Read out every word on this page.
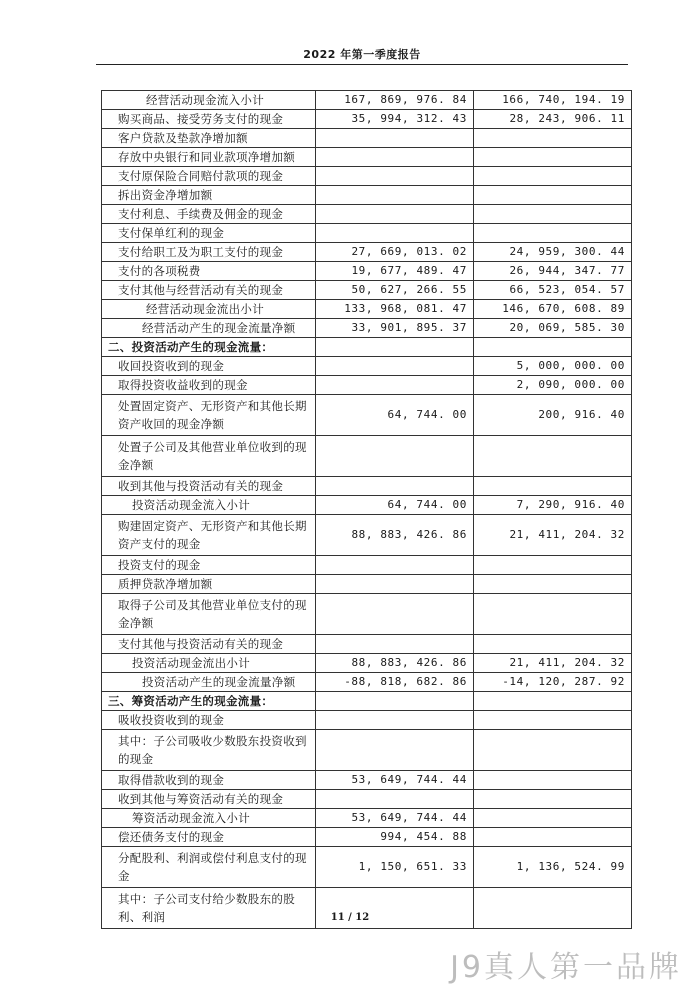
2022 年第一季度报告
经营活动现金流入小计	167, 869, 976. 84	166, 740, 194. 19
购买商品、接受劳务支付的现金	35, 994, 312. 43	28, 243, 906. 11
客户贷款及垫款净增加额		
存放中央银行和同业款项净增加额		
支付原保险合同赔付款项的现金		
拆出资金净增加额		
支付利息、手续费及佣金的现金		
支付保单红利的现金		
支付给职工及为职工支付的现金	27, 669, 013. 02	24, 959, 300. 44
支付的各项税费	19, 677, 489. 47	26, 944, 347. 77
支付其他与经营活动有关的现金	50, 627, 266. 55	66, 523, 054. 57
经营活动现金流出小计	133, 968, 081. 47	146, 670, 608. 89
经营活动产生的现金流量净额	33, 901, 895. 37	20, 069, 585. 30
二、投资活动产生的现金流量：		
收回投资收到的现金		5, 000, 000. 00
取得投资收益收到的现金		2, 090, 000. 00
处置固定资产、无形资产和其他长期资产收回的现金净额	64, 744. 00	200, 916. 40
处置子公司及其他营业单位收到的现金净额		
收到其他与投资活动有关的现金		
投资活动现金流入小计	64, 744. 00	7, 290, 916. 40
购建固定资产、无形资产和其他长期资产支付的现金	88, 883, 426. 86	21, 411, 204. 32
投资支付的现金		
质押贷款净增加额		
取得子公司及其他营业单位支付的现金净额		
支付其他与投资活动有关的现金		
投资活动现金流出小计	88, 883, 426. 86	21, 411, 204. 32
投资活动产生的现金流量净额	-88, 818, 682. 86	-14, 120, 287. 92
三、筹资活动产生的现金流量：		
吸收投资收到的现金		
其中：子公司吸收少数股东投资收到的现金		
取得借款收到的现金	53, 649, 744. 44	
收到其他与筹资活动有关的现金		
筹资活动现金流入小计	53, 649, 744. 44	
偿还债务支付的现金	994, 454. 88	
分配股利、利润或偿付利息支付的现金	1, 150, 651. 33	1, 136, 524. 99
其中：子公司支付给少数股东的股利、利润			11 / 12
J9真人第一品牌
